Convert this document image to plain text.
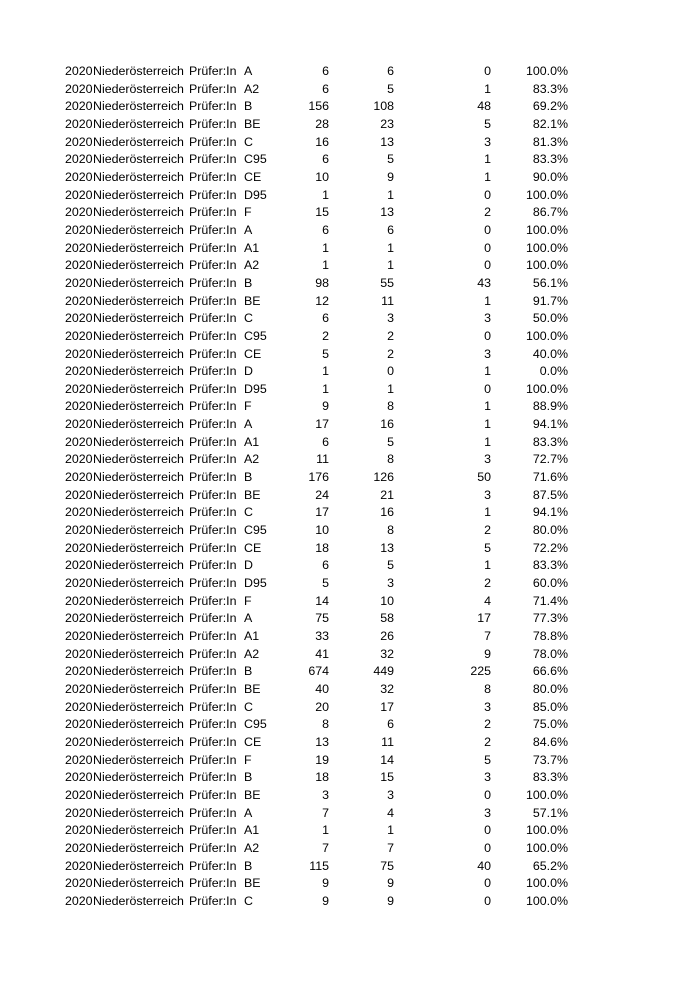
2020 Niederösterreich Prüfer:In A	6	6	0	100.0%
2020 Niederösterreich Prüfer:In A2	6	5	1	83.3%
2020 Niederösterreich Prüfer:In B	156	108	48	69.2%
2020 Niederösterreich Prüfer:In BE	28	23	5	82.1%
2020 Niederösterreich Prüfer:In C	16	13	3	81.3%
2020 Niederösterreich Prüfer:In C95	6	5	1	83.3%
2020 Niederösterreich Prüfer:In CE	10	9	1	90.0%
2020 Niederösterreich Prüfer:In D95	1	1	0	100.0%
2020 Niederösterreich Prüfer:In F	15	13	2	86.7%
2020 Niederösterreich Prüfer:In A	6	6	0	100.0%
2020 Niederösterreich Prüfer:In A1	1	1	0	100.0%
2020 Niederösterreich Prüfer:In A2	1	1	0	100.0%
2020 Niederösterreich Prüfer:In B	98	55	43	56.1%
2020 Niederösterreich Prüfer:In BE	12	11	1	91.7%
2020 Niederösterreich Prüfer:In C	6	3	3	50.0%
2020 Niederösterreich Prüfer:In C95	2	2	0	100.0%
2020 Niederösterreich Prüfer:In CE	5	2	3	40.0%
2020 Niederösterreich Prüfer:In D	1	0	1	0.0%
2020 Niederösterreich Prüfer:In D95	1	1	0	100.0%
2020 Niederösterreich Prüfer:In F	9	8	1	88.9%
2020 Niederösterreich Prüfer:In A	17	16	1	94.1%
2020 Niederösterreich Prüfer:In A1	6	5	1	83.3%
2020 Niederösterreich Prüfer:In A2	11	8	3	72.7%
2020 Niederösterreich Prüfer:In B	176	126	50	71.6%
2020 Niederösterreich Prüfer:In BE	24	21	3	87.5%
2020 Niederösterreich Prüfer:In C	17	16	1	94.1%
2020 Niederösterreich Prüfer:In C95	10	8	2	80.0%
2020 Niederösterreich Prüfer:In CE	18	13	5	72.2%
2020 Niederösterreich Prüfer:In D	6	5	1	83.3%
2020 Niederösterreich Prüfer:In D95	5	3	2	60.0%
2020 Niederösterreich Prüfer:In F	14	10	4	71.4%
2020 Niederösterreich Prüfer:In A	75	58	17	77.3%
2020 Niederösterreich Prüfer:In A1	33	26	7	78.8%
2020 Niederösterreich Prüfer:In A2	41	32	9	78.0%
2020 Niederösterreich Prüfer:In B	674	449	225	66.6%
2020 Niederösterreich Prüfer:In BE	40	32	8	80.0%
2020 Niederösterreich Prüfer:In C	20	17	3	85.0%
2020 Niederösterreich Prüfer:In C95	8	6	2	75.0%
2020 Niederösterreich Prüfer:In CE	13	11	2	84.6%
2020 Niederösterreich Prüfer:In F	19	14	5	73.7%
2020 Niederösterreich Prüfer:In B	18	15	3	83.3%
2020 Niederösterreich Prüfer:In BE	3	3	0	100.0%
2020 Niederösterreich Prüfer:In A	7	4	3	57.1%
2020 Niederösterreich Prüfer:In A1	1	1	0	100.0%
2020 Niederösterreich Prüfer:In A2	7	7	0	100.0%
2020 Niederösterreich Prüfer:In B	115	75	40	65.2%
2020 Niederösterreich Prüfer:In BE	9	9	0	100.0%
2020 Niederösterreich Prüfer:In C	9	9	0	100.0%
